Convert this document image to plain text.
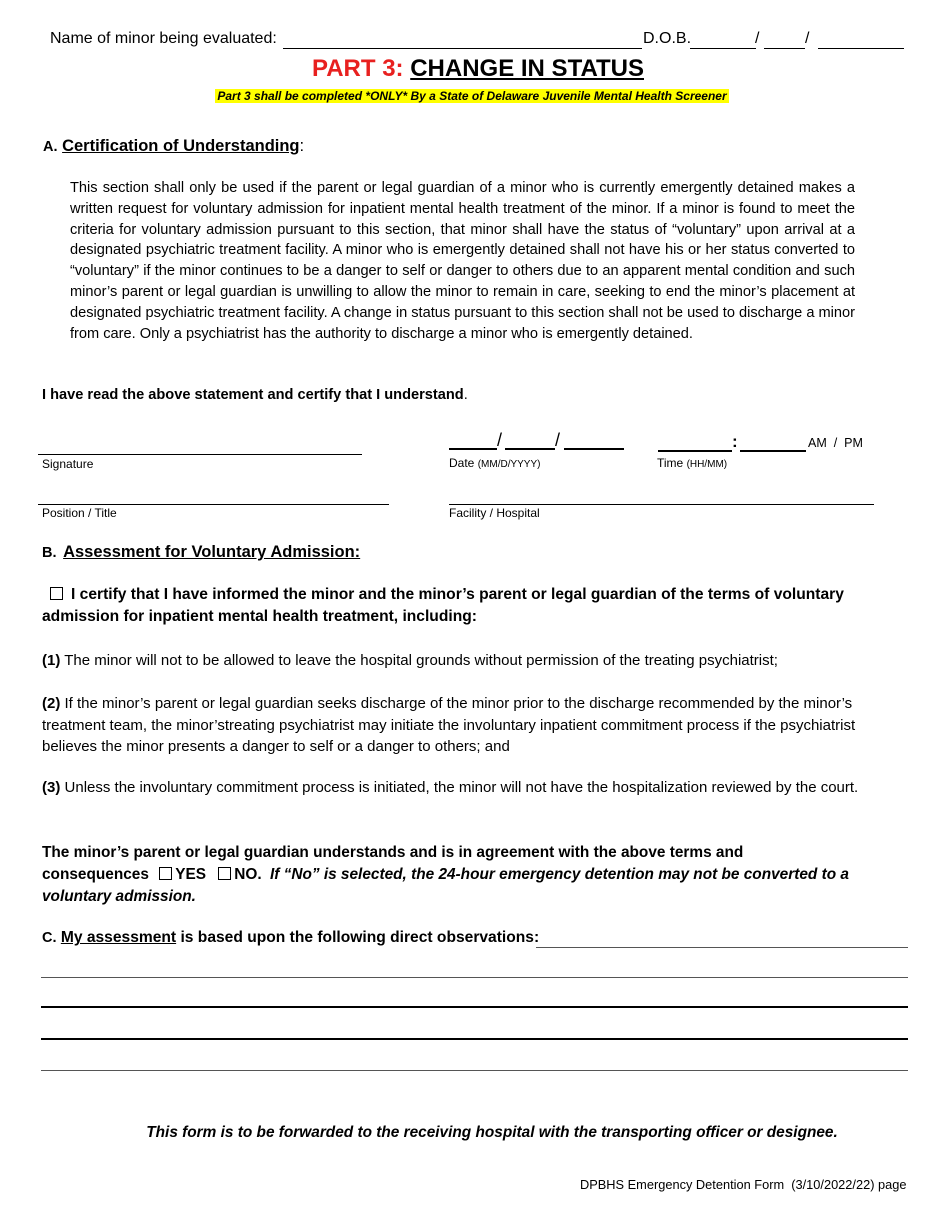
Name of minor being evaluated:	D.O.B.	/	/
PART 3: CHANGE IN STATUS
Part 3 shall be completed *ONLY* By a State of Delaware Juvenile Mental Health Screener
A. Certification of Understanding:
This section shall only be used if the parent or legal guardian of a minor who is currently emergently detained makes a written request for voluntary admission for inpatient mental health treatment of the minor. If a minor is found to meet the criteria for voluntary admission pursuant to this section, that minor shall have the status of “voluntary” upon arrival at a designated psychiatric treatment facility. A minor who is emergently detained shall not have his or her status converted to “voluntary” if the minor continues to be a danger to self or danger to others due to an apparent mental condition and such minor’s parent or legal guardian is unwilling to allow the minor to remain in care, seeking to end the minor’s placement at designated psychiatric treatment facility. A change in status pursuant to this section shall not be used to discharge a minor from care. Only a psychiatrist has the authority to discharge a minor who is emergently detained.
I have read the above statement and certify that I understand.
/	/	:	AM  /  PM
Signature	Date (MM/D/YYYY)	Time (HH/MM)
Position / Title	Facility / Hospital
B. Assessment for Voluntary Admission:
I certify that I have informed the minor and the minor’s parent or legal guardian of the terms of voluntary admission for inpatient mental health treatment, including:
(1) The minor will not to be allowed to leave the hospital grounds without permission of the treating psychiatrist;
(2) If the minor’s parent or legal guardian seeks discharge of the minor prior to the discharge recommended by the minor’s treatment team, the minor’streating psychiatrist may initiate the involuntary inpatient commitment process if the psychiatrist believes the minor presents a danger to self or a danger to others; and
(3) Unless the involuntary commitment process is initiated, the minor will not have the hospitalization reviewed by the court.
The minor’s parent or legal guardian understands and is in agreement with the above terms and
consequences YES NO. If “No” is selected, the 24-hour emergency detention may not be converted to a voluntary admission.
C. My assessment is based upon the following direct observations:
This form is to be forwarded to the receiving hospital with the transporting officer or designee.
DPBHS Emergency Detention Form  (3/10/2022/22) page
